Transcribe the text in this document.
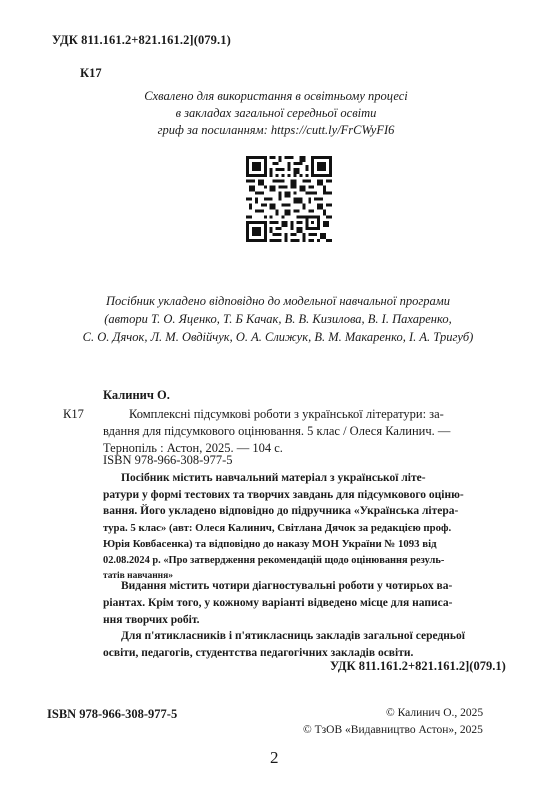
УДК 811.161.2+821.161.2](079.1)
К17
Схвалено для використання в освітньому процесі
в закладах загальної середньої освіти
гриф за посиланням: https://cutt.ly/FrCWyFI6
Посібник укладено відповідно до модельної навчальної програми
(автори Т. О. Яценко, Т. Б Качак, В. В. Кизилова, В. І. Пахаренко,
С. О. Дячок, Л. М. Овдійчук, О. А. Слижук, В. М. Макаренко, І. А. Тригуб)
Калинич О.
К17	Комплексні підсумкові роботи з української літератури: за-
вдання для підсумкового оцінювання. 5 клас / Олеся Калинич. —
Тернопіль : Астон, 2025. — 104 с.
ISBN 978-966-308-977-5
Посібник містить навчальний матеріал з української літе-
ратури у формі тестових та творчих завдань для підсумкового оціню-
вання. Його укладено відповідно до підручника «Українська літера-
тура. 5 клас» (авт: Олеся Калинич, Світлана Дячок за редакцією проф.
Юрія Ковбасенка) та відповідно до наказу МОН України № 1093 від
02.08.2024 р. «Про затвердження рекомендацій щодо оцінювання резуль-
татів навчання»
Видання містить чотири діагностувальні роботи у чотирьох ва-
ріантах. Крім того, у кожному варіанті відведено місце для написа-
ння творчих робіт.
Для п'ятикласників і п'ятикласниць закладів загальної середньої
освіти, педагогів, студентства педагогічних закладів освіти.
УДК 811.161.2+821.161.2](079.1)
ISBN 978-966-308-977-5	© Калинич О., 2025
© ТзОВ «Видавництво Астон», 2025
2
